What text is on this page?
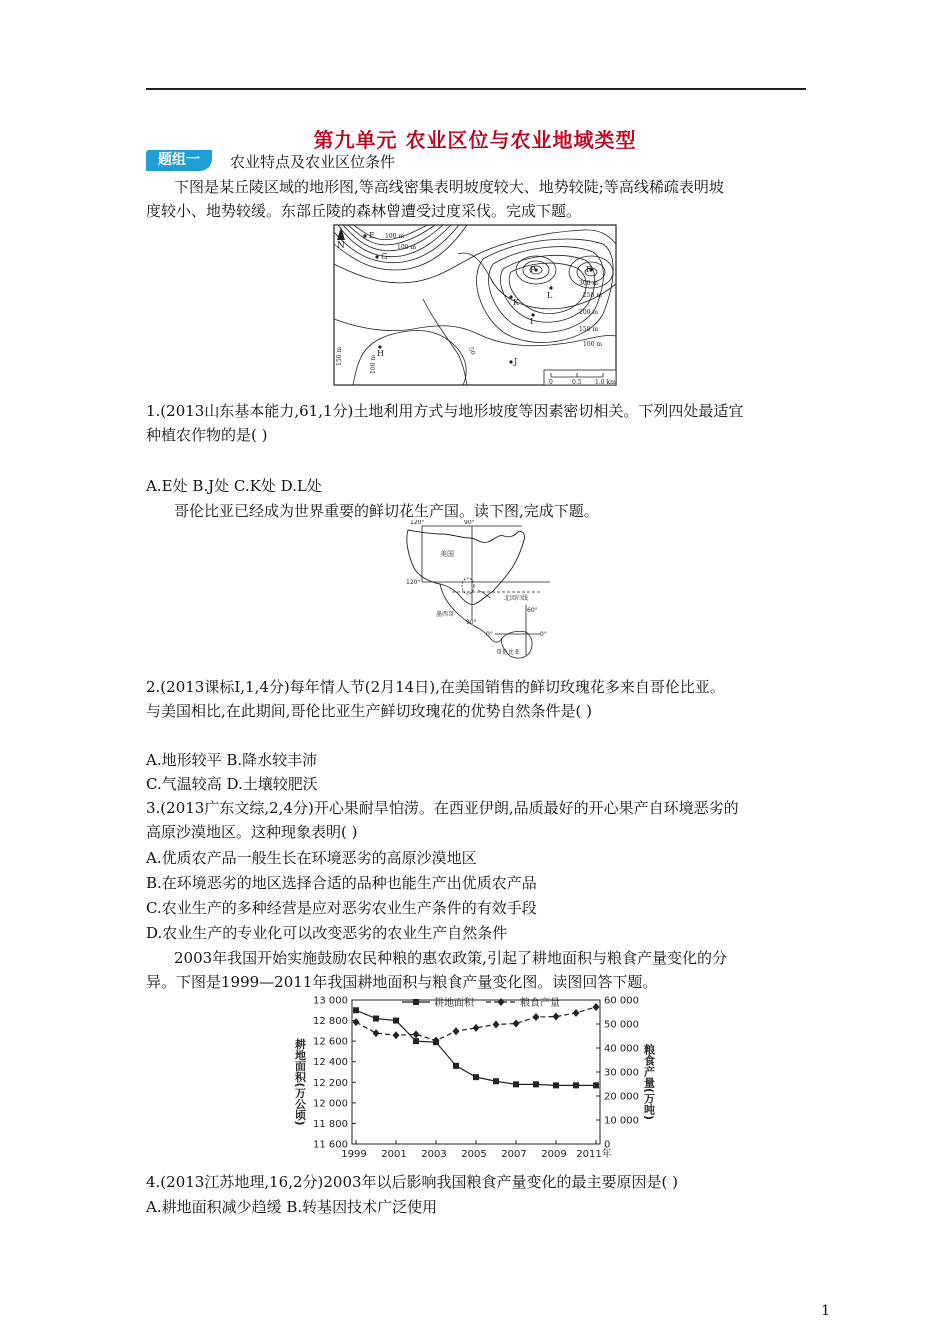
第九单元 农业区位与农业地域类型
题组一	农业特点及农业区位条件
下图是某丘陵区域的地形图,等高线密集表明坡度较大、地势较陡;等高线稀疏表明坡
度较小、地势较缓。东部丘陵的森林曾遭受过度采伐。完成下题。
N
E
G
H
J
K
L
P	F
I
100 m
100 m
300 m
250 m
200 m
150 m
100 m
150 m	100 m
50
0	0.5 1.0 km
1.(2013山东基本能力,61,1分)土地利用方式与地形坡度等因素密切相关。下列四处最适宜
种植农作物的是( )
A.E处 B.J处 C.K处 D.L处
哥伦比亚已经成为世界重要的鲜切花生产国。读下图,完成下题。
120°	90°
美国
120°
北回归线
墨西哥
90°
60°
0°	0°
哥伦比亚
2.(2013课标Ⅰ,1,4分)每年情人节(2月14日),在美国销售的鲜切玫瑰花多来自哥伦比亚。
与美国相比,在此期间,哥伦比亚生产鲜切玫瑰花的优势自然条件是( )
A.地形较平 B.降水较丰沛
C.气温较高 D.土壤较肥沃
3.(2013广东文综,2,4分)开心果耐旱怕涝。在西亚伊朗,品质最好的开心果产自环境恶劣的
高原沙漠地区。这种现象表明( )
A.优质农产品一般生长在环境恶劣的高原沙漠地区
B.在环境恶劣的地区选择合适的品种也能生产出优质农产品
C.农业生产的多种经营是应对恶劣农业生产条件的有效手段
D.农业生产的专业化可以改变恶劣的农业生产自然条件
2003年我国开始实施鼓励农民种粮的惠农政策,引起了耕地面积与粮食产量变化的分
异。下图是1999—2011年我国耕地面积与粮食产量变化图。读图回答下题。
13 000
12 800
12 600
12 400
12 200
12 000
11 800
11 600
60 000
50 000
40 000
30 000
20 000
10 000
0
1999 2001 2003 2005 2007 2009 2011年
耕地面积	粮食产量
耕地面积(万公顷)	粮食产量(万吨)
4.(2013江苏地理,16,2分)2003年以后影响我国粮食产量变化的最主要原因是( )
A.耕地面积减少趋缓 B.转基因技术广泛使用
1
